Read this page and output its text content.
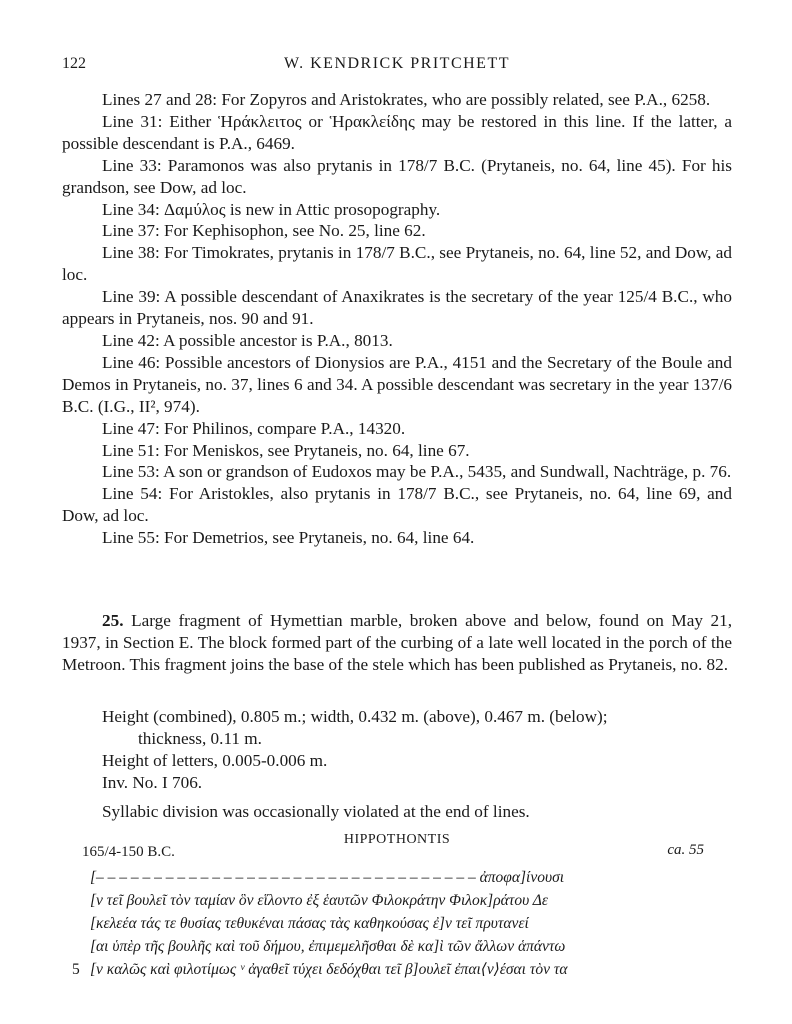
122	W. KENDRICK PRITCHETT

Lines 27 and 28: For Zopyros and Aristokrates, who are possibly related, see P.A., 6258.

Line 31: Either Ἡράκλειτος or Ἡρακλείδης may be restored in this line. If the latter, a possible descendant is P.A., 6469.

Line 33: Paramonos was also prytanis in 178/7 B.C. (Prytaneis, no. 64, line 45). For his grandson, see Dow, ad loc.

Line 34: Δαμύλος is new in Attic prosopography.

Line 37: For Kephisophon, see No. 25, line 62.

Line 38: For Timokrates, prytanis in 178/7 B.C., see Prytaneis, no. 64, line 52, and Dow, ad loc.

Line 39: A possible descendant of Anaxikrates is the secretary of the year 125/4 B.C., who appears in Prytaneis, nos. 90 and 91.

Line 42: A possible ancestor is P.A., 8013.

Line 46: Possible ancestors of Dionysios are P.A., 4151 and the Secretary of the Boule and Demos in Prytaneis, no. 37, lines 6 and 34. A possible descendant was secretary in the year 137/6 B.C. (I.G., II², 974).

Line 47: For Philinos, compare P.A., 14320.

Line 51: For Meniskos, see Prytaneis, no. 64, line 67.

Line 53: A son or grandson of Eudoxos may be P.A., 5435, and Sundwall, Nachträge, p. 76.

Line 54: For Aristokles, also prytanis in 178/7 B.C., see Prytaneis, no. 64, line 69, and Dow, ad loc.

Line 55: For Demetrios, see Prytaneis, no. 64, line 64.

25. Large fragment of Hymettian marble, broken above and below, found on May 21, 1937, in Section E. The block formed part of the curbing of a late well located in the porch of the Metroon. This fragment joins the base of the stele which has been published as Prytaneis, no. 82.

Height (combined), 0.805 m.; width, 0.432 m. (above), 0.467 m. (below);

thickness, 0.11 m.

Height of letters, 0.005-0.006 m.

Inv. No. I 706.

Syllabic division was occasionally violated at the end of lines.

HIPPOTHONTIS
165/4-150 B.C.	ca. 55
[– – – – – – – – – – – – – – – – – – – – – – – – – – – – – – – – – ἀποφα]ίνουσι
[ν τεῖ βουλεῖ τὸν ταμίαν ὃν εἵλοντο ἐξ ἑαυτῶν Φιλοκράτην Φιλοκ]ράτου Δε
[κελεέα τάς τε θυσίας τεθυκέναι πάσας τὰς καθηκούσας ἐ]ν τεῖ πρυτανεί
[αι ὑπὲρ τῆς βουλῆς καὶ τοῦ δήμου, ἐπιμεμελῆσθαι δὲ κα]ὶ τῶν ἄλλων ἁπάντω
5 [ν καλῶς καὶ φιλοτίμως ᵛ ἀγαθεῖ τύχει δεδόχθαι τεῖ β]ουλεῖ ἐπαι⟨ν⟩έσαι τὸν τα
